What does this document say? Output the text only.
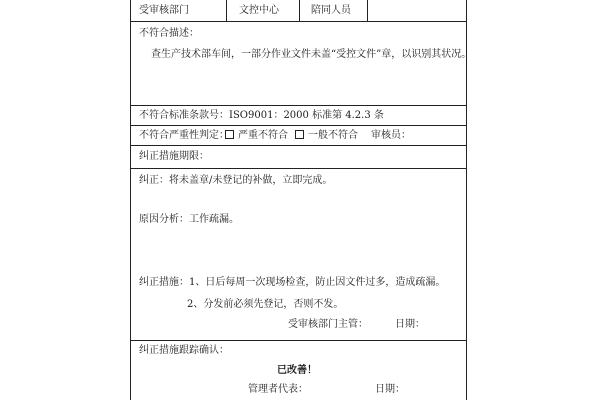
受审核部门	文控中心	陪同人员
不符合描述：
查生产技术部车间，一部分作业文件未盖“受控文件”章，以识别其状况。
不符合标准条款号：ISO9001：2000 标准第 4.2.3 条
不符合严重性判定： 严重不符合	一般不符合 审核员：
纠正措施期限：
纠正：将未盖章/未登记的补做，立即完成。
原因分析：工作疏漏。
纠正措施：1、日后每周一次现场检查，防止因文件过多，造成疏漏。
2、分发前必须先登记，否则不发。
受审核部门主管：	日期：
纠正措施跟踪确认：
已改善！
管理者代表：	日期：
